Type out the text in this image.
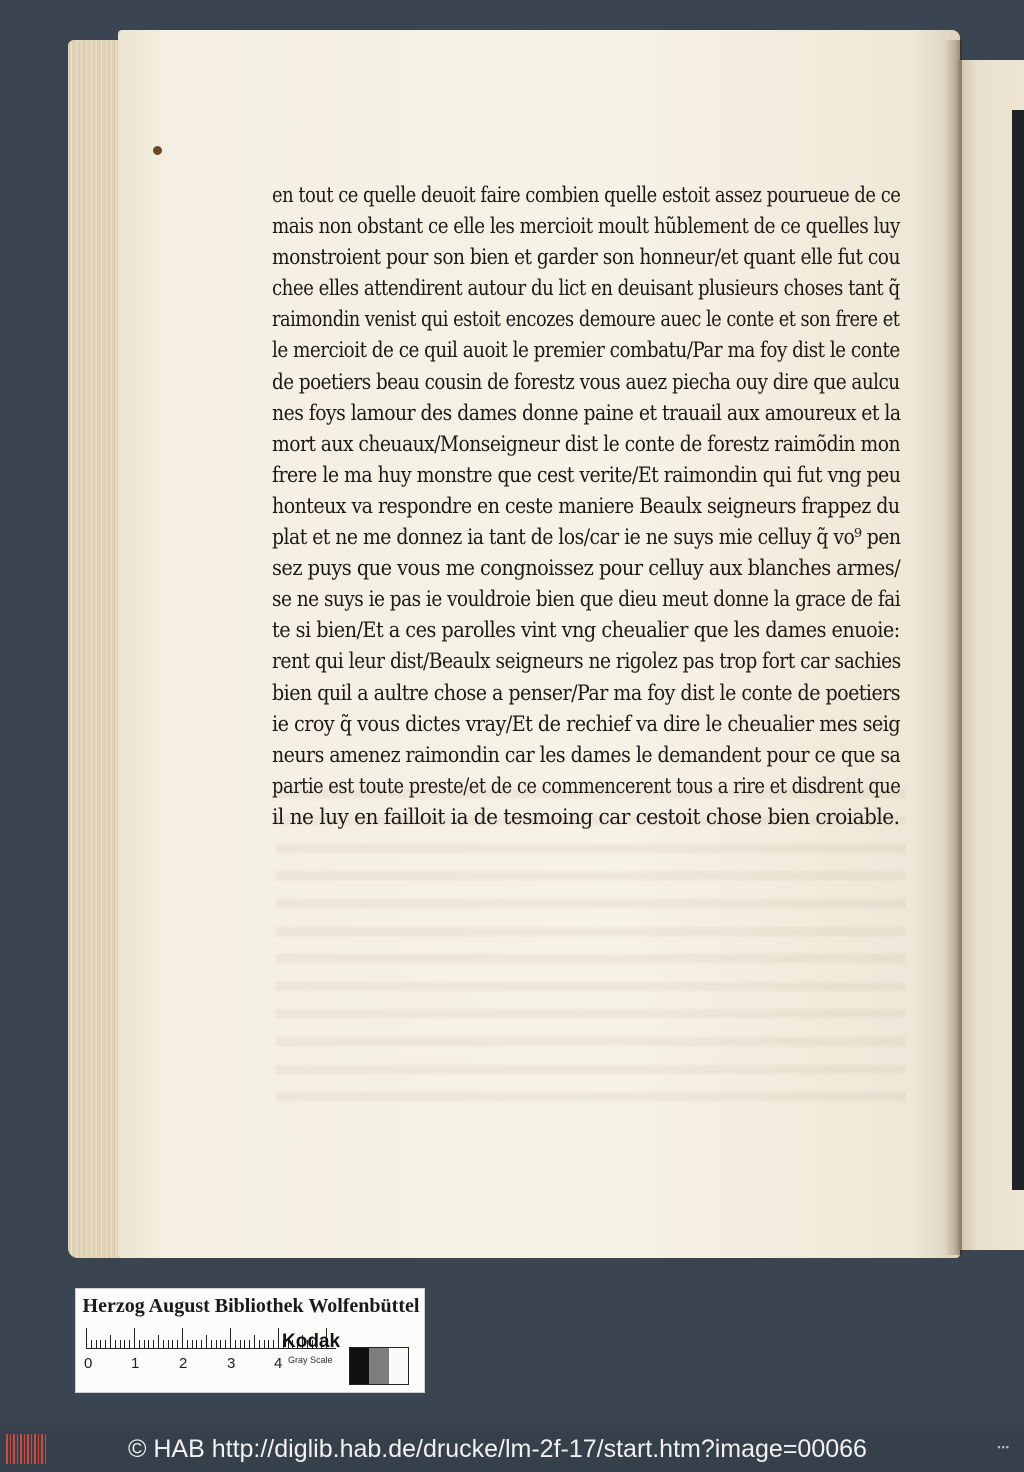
en tout ce quelle deuoit faire combien quelle estoit assez pourueue de ce
mais non obstant ce elle les mercioit moult hũblement de ce quelles luy
monstroient pour son bien et garder son honneur/et quant elle fut cou
chee elles attendirent autour du lict en deuisant plusieurs choses tant q̃
raimondin venist qui estoit encozes demoure auec le conte et son frere et
le mercioit de ce quil auoit le premier combatu/Par ma foy dist le conte
de poetiers beau cousin de forestz vous auez piecha ouy dire que aulcu
nes foys lamour des dames donne paine et trauail aux amoureux et la
mort aux cheuaux/Monseigneur dist le conte de forestz raimõdin mon
frere le ma huy monstre que cest verite/Et raimondin qui fut vng peu
honteux va respondre en ceste maniere Beaulx seigneurs frappez du
plat et ne me donnez ia tant de los/car ie ne suys mie celluy q̃ vo⁹ pen
sez puys que vous me congnoissez pour celluy aux blanches armes/
se ne suys ie pas ie vouldroie bien que dieu meut donne la grace de fai
te si bien/Et a ces parolles vint vng cheualier que les dames enuoie:
rent qui leur dist/Beaulx seigneurs ne rigolez pas trop fort car sachies
bien quil a aultre chose a penser/Par ma foy dist le conte de poetiers
ie croy q̃ vous dictes vray/Et de rechief va dire le cheualier mes seig
neurs amenez raimondin car les dames le demandent pour ce que sa
partie est toute preste/et de ce commencerent tous a rire et disdrent que
il ne luy en failloit ia de tesmoing car cestoit chose bien croiable.
Herzog August Bibliothek Wolfenbüttel
0	1	2	3	4
Kodak
Gray Scale
© HAB http://diglib.hab.de/drucke/lm-2f-17/start.htm?image=00066	▪▪▪
